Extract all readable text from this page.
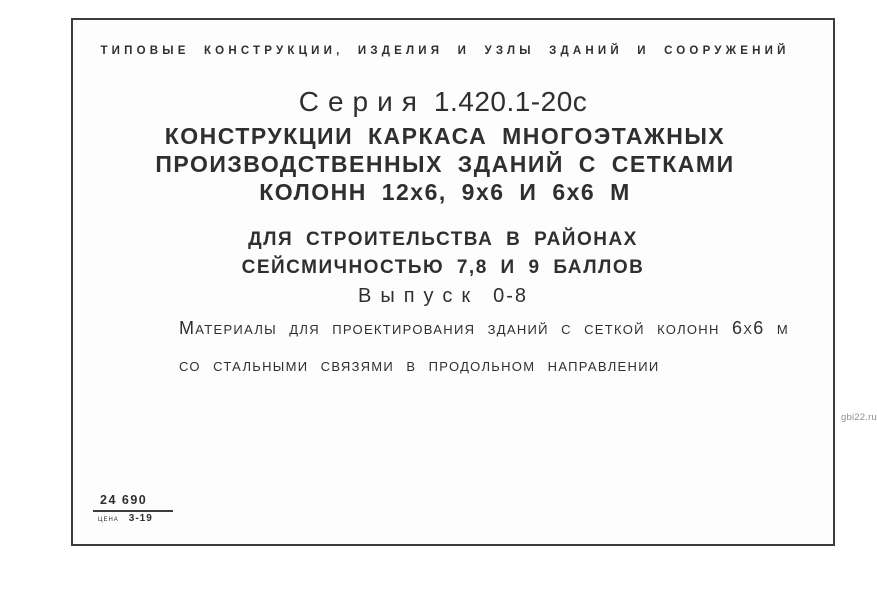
ТИПОВЫЕ КОНСТРУКЦИИ, ИЗДЕЛИЯ И УЗЛЫ ЗДАНИЙ И СООРУЖЕНИЙ
Серия 1.420.1-20с
КОНСТРУКЦИИ КАРКАСА МНОГОЭТАЖНЫХ
ПРОИЗВОДСТВЕННЫХ ЗДАНИЙ С СЕТКАМИ
КОЛОНН 12х6, 9х6 И 6х6 М
ДЛЯ СТРОИТЕЛЬСТВА В РАЙОНАХ
СЕЙСМИЧНОСТЬЮ 7,8 И 9 БАЛЛОВ
Выпуск 0-8
Материалы для проектирования зданий с сеткой колонн 6х6 м
со стальными связями в продольном направлении
24 690
цена 3-19
gbi22.ru
